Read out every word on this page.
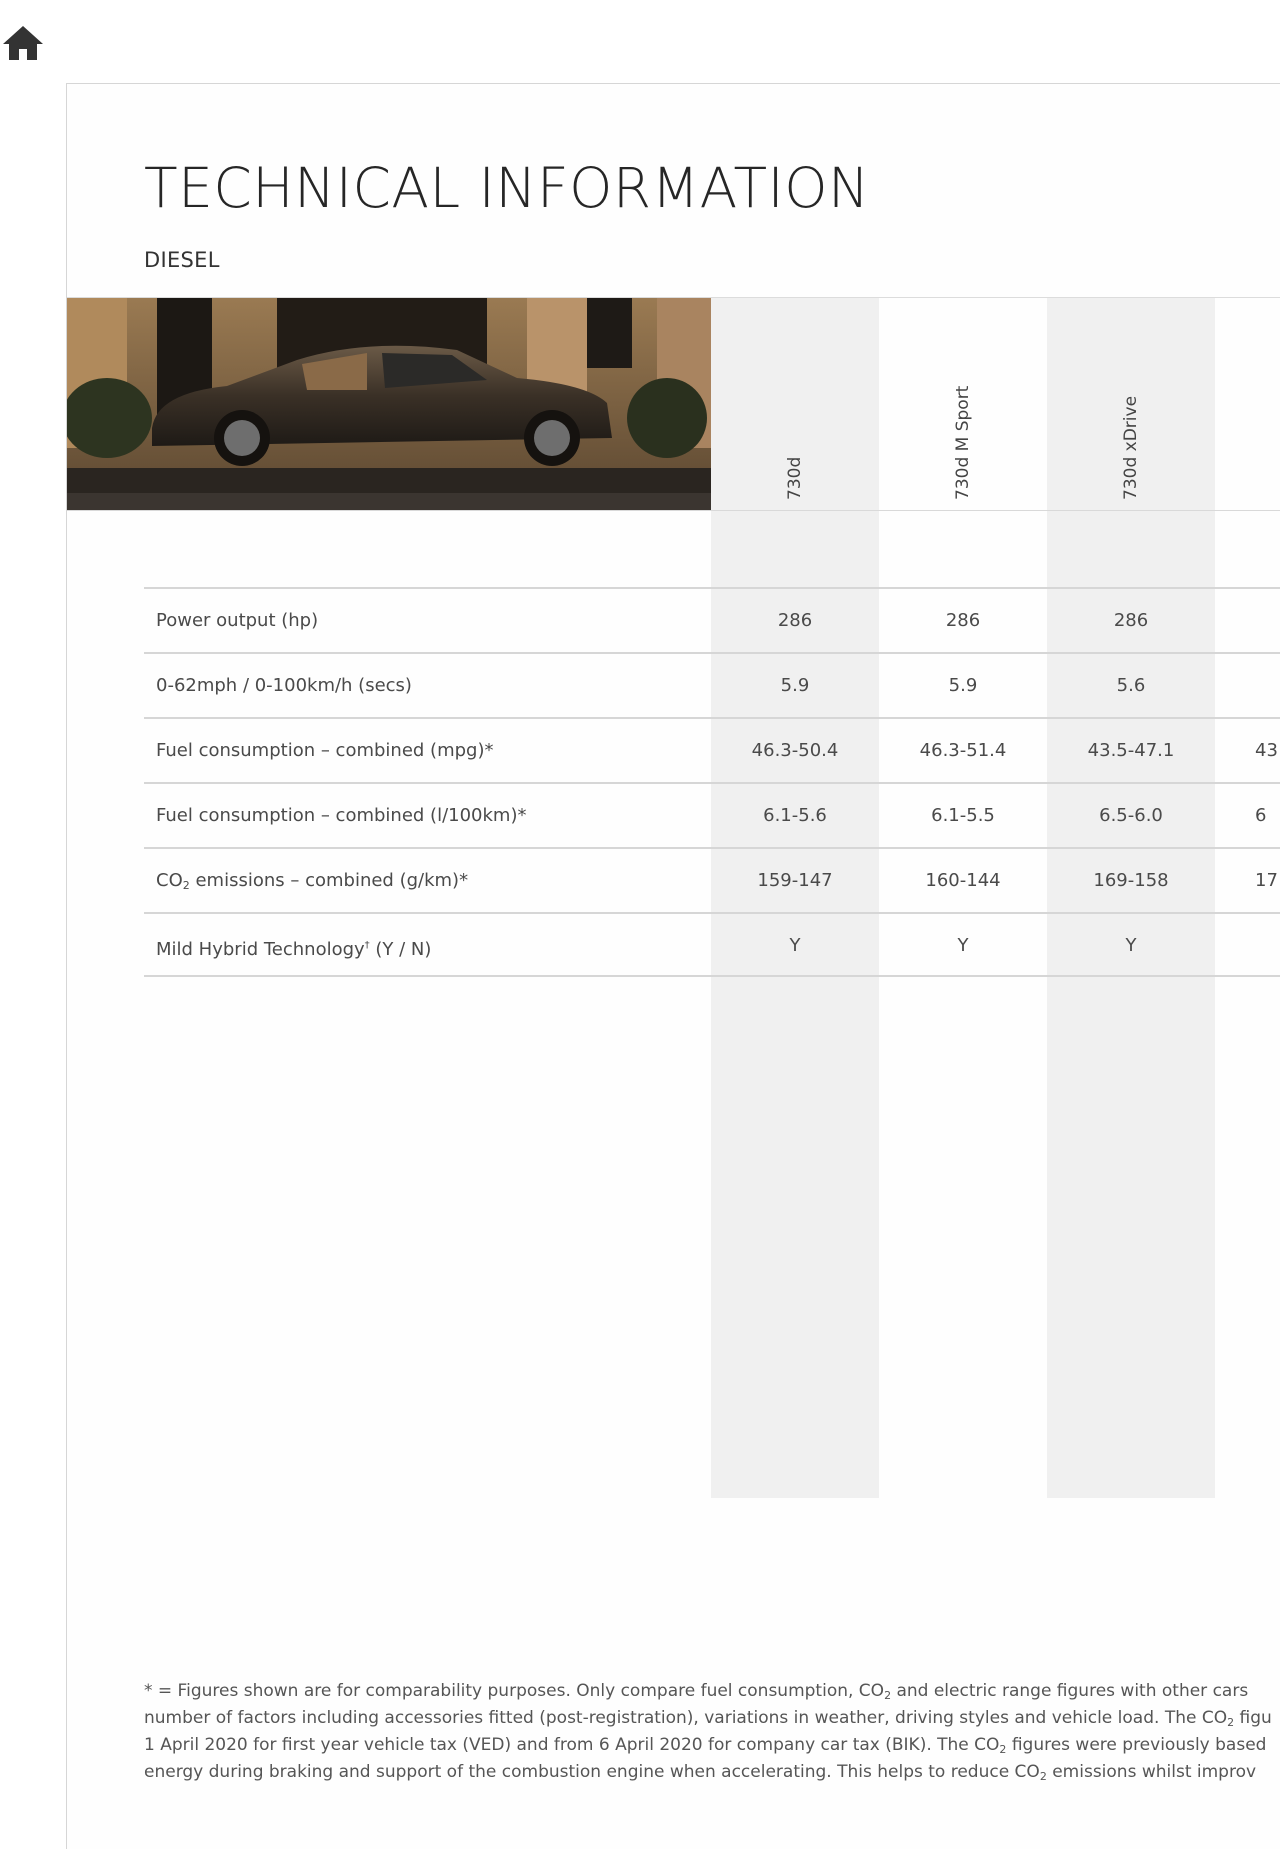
TECHNICAL INFORMATION
DIESEL
730d	730d M Sport	730d xDrive
Power output (hp)	286	286	286
0-62mph / 0-100km/h (secs)	5.9	5.9	5.6
Fuel consumption – combined (mpg)*	46.3-50.4	46.3-51.4	43.5-47.1	43
Fuel consumption – combined (l/100km)*	6.1-5.6	6.1-5.5	6.5-6.0	6
$CO_2$ emissions – combined (g/km)*	159-147	160-144	169-158	17
Mild Hybrid Technology† (Y / N)	Y	Y	Y
* = Figures shown are for comparability purposes. Only compare fuel consumption, $CO_2$ and electric range figures with other cars
number of factors including accessories fitted (post-registration), variations in weather, driving styles and vehicle load. The $CO_2$ figu
1 April 2020 for first year vehicle tax (VED) and from 6 April 2020 for company car tax (BIK). The $CO_2$ figures were previously based
energy during braking and support of the combustion engine when accelerating. This helps to reduce $CO_2$ emissions whilst improv
